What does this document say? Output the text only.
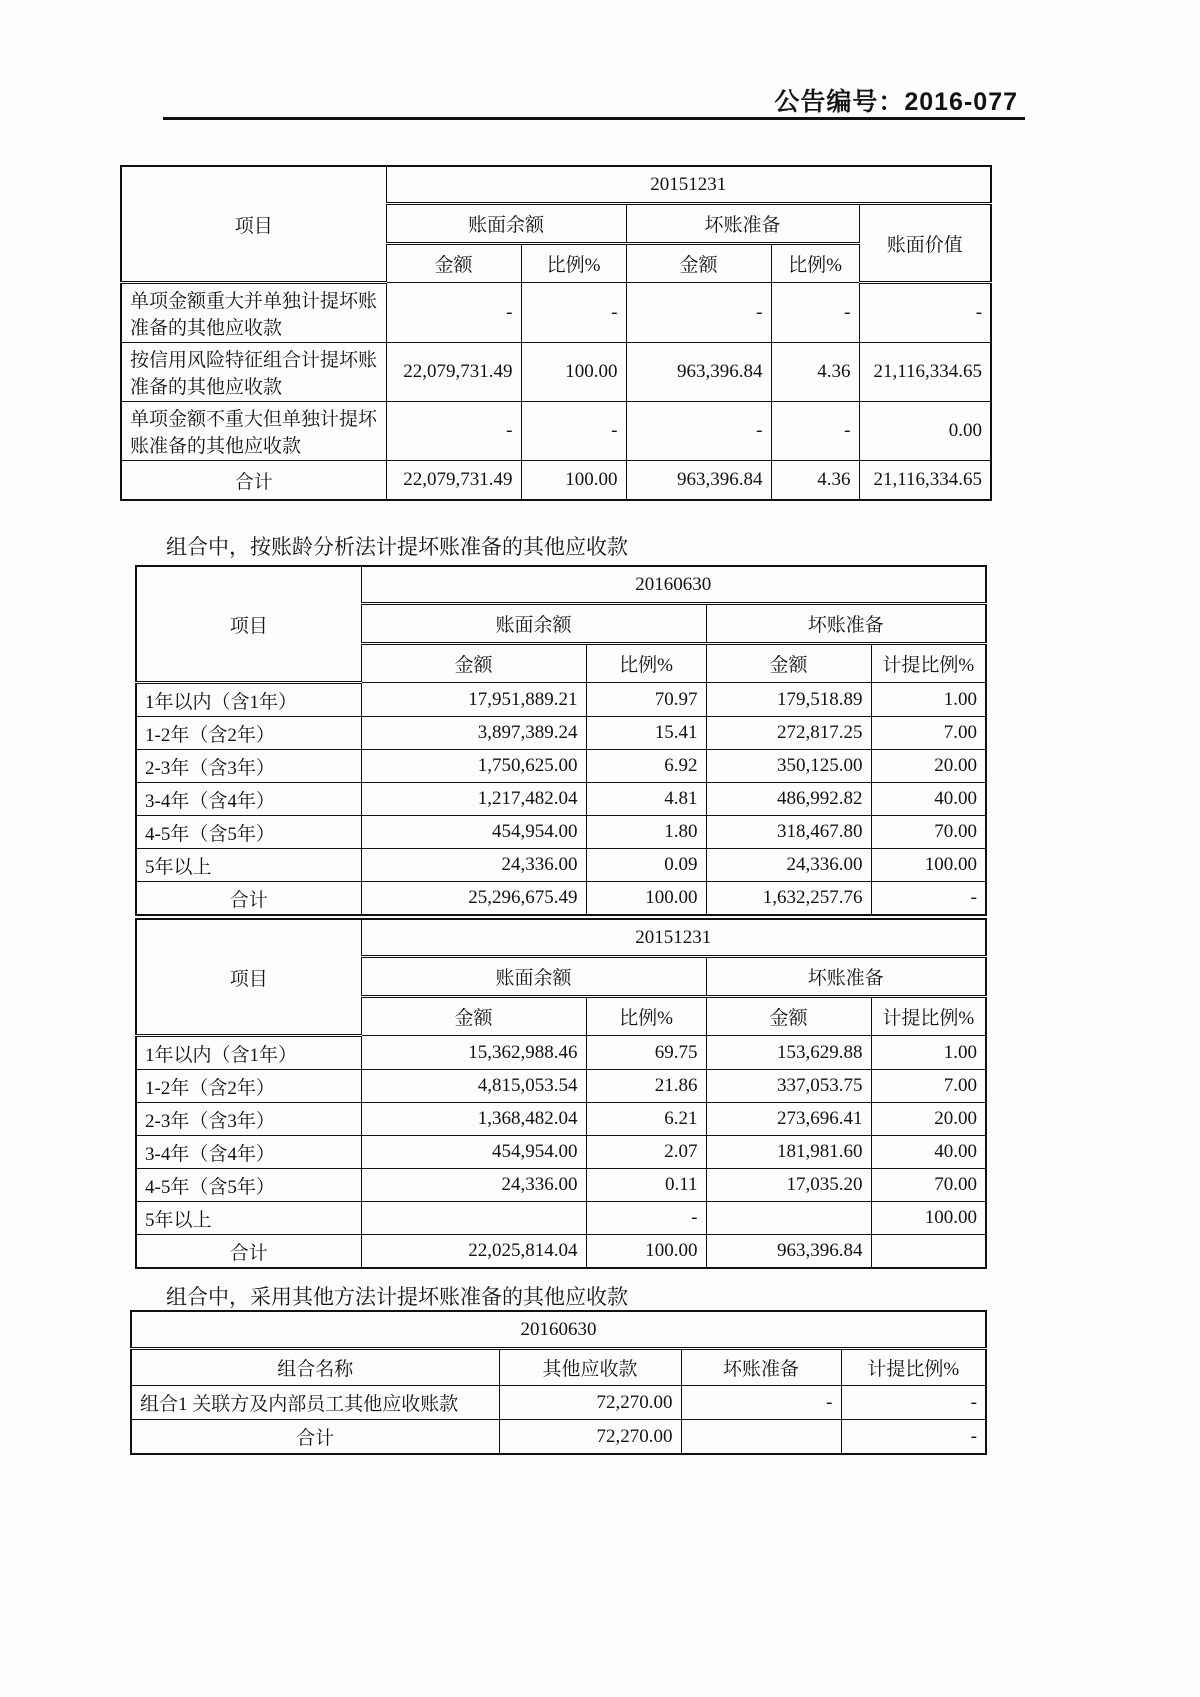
公告编号：2016-077
项目	20151231				
	账面余额		坏账准备		账面价值
	金额	比例%	金额	比例%	
单项金额重大并单独计提坏账准备的其他应收款	-	-	-	-	-
按信用风险特征组合计提坏账准备的其他应收款	22,079,731.49	100.00	963,396.84	4.36	21,116,334.65
单项金额不重大但单独计提坏账准备的其他应收款	-	-	-	-	0.00
合计	22,079,731.49	100.00	963,396.84	4.36	21,116,334.65
组合中，按账龄分析法计提坏账准备的其他应收款
项目	20160630			
	账面余额		坏账准备	
	金额	比例%	金额	计提比例%
1年以内（含1年）	17,951,889.21	70.97	179,518.89	1.00
1-2年（含2年）	3,897,389.24	15.41	272,817.25	7.00
2-3年（含3年）	1,750,625.00	6.92	350,125.00	20.00
3-4年（含4年）	1,217,482.04	4.81	486,992.82	40.00
4-5年（含5年）	454,954.00	1.80	318,467.80	70.00
5年以上	24,336.00	0.09	24,336.00	100.00
合计	25,296,675.49	100.00	1,632,257.76	-
项目	20151231			
	账面余额		坏账准备	
	金额	比例%	金额	计提比例%
1年以内（含1年）	15,362,988.46	69.75	153,629.88	1.00
1-2年（含2年）	4,815,053.54	21.86	337,053.75	7.00
2-3年（含3年）	1,368,482.04	6.21	273,696.41	20.00
3-4年（含4年）	454,954.00	2.07	181,981.60	40.00
4-5年（含5年）	24,336.00	0.11	17,035.20	70.00
5年以上		-		100.00
合计	22,025,814.04	100.00	963,396.84	
组合中，采用其他方法计提坏账准备的其他应收款
20160630			
组合名称	其他应收款	坏账准备	计提比例%
组合1 关联方及内部员工其他应收账款	72,270.00	-	-
合计	72,270.00		-
